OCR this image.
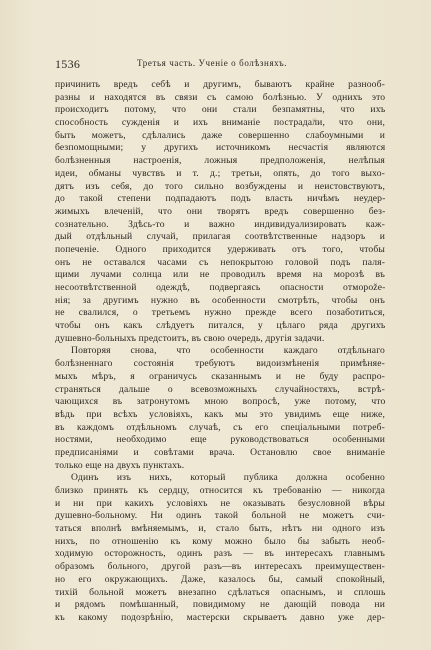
1536	Третья часть. Ученіе о болѣзняхъ.
причинить вредъ себѣ и другимъ, бываютъ крайне разнооб-
разны и находятся въ связи съ самою болѣзнью. У однихъ это
происходитъ потому, что они стали безпамятны, что ихъ
способность сужденія и ихъ вниманіе пострадали, что они,
быть можетъ, сдѣлались даже совершенно слабоумными и
безпомощными; у другихъ источникомъ несчастія являются
болѣзненныя настроенія, ложныя предположенія, нелѣпыя
идеи, обманы чувствъ и т. д.; третьи, опять, до того выхо-
дятъ изъ себя, до того сильно возбуждены и неистовствуютъ,
до такой степени подпадаютъ подъ власть ничѣмъ неудер-
жимыхъ влеченій, что они творятъ вредъ совершенно без-
сознательно. Здѣсь-то и важно индивидуализировать каж-
дый отдѣльный случай, прилагая соотвѣтственные надзоръ и
попеченіе. Одного приходится удерживать отъ того, чтобы
онъ не оставался часами съ непокрытою головой подъ паля-
щими лучами солнца или не проводилъ время на морозѣ въ
несоотвѣтственной одеждѣ, подвергаясь опасности отморože-
нія; за другимъ нужно въ особенности смотрѣть, чтобы онъ
не свалился, о третьемъ нужно прежде всего позаботиться,
чтобы онъ какъ слѣдуетъ питался, у цѣлаго ряда другихъ
душевно-больныхъ предстоитъ, въ свою очередь, другія задачи.
Повторяя снова, что особенности каждаго отдѣльнаго
болѣзненнаго состоянія требуютъ видоизмѣненія примѣняе-
мыхъ мѣръ, я ограничусь сказаннымъ и не буду распро-
страняться дальше о всевозможныхъ случайностяхъ, встрѣ-
чающихся въ затронутомъ мною вопросѣ, уже потому, что
вѣдь при всѣхъ условіяхъ, какъ мы это увидимъ еще ниже,
въ каждомъ отдѣльномъ случаѣ, съ его спеціальными потреб-
ностями, необходимо еще руководствоваться особенными
предписаніями и совѣтами врача. Остановлю свое вниманіе
только еще на двухъ пунктахъ.
Одинъ изъ нихъ, который публика должна особенно
близко принять къ сердцу, относится къ требованію — никогда
и ни при какихъ условіяхъ не оказывать безусловной вѣры
душевно-больному. Ни одинъ такой больной не можетъ счи-
таться вполнѣ вмѣняемымъ, и, стало быть, нѣтъ ни одного изъ
нихъ, по отношенію къ кому можно было бы забыть необ-
ходимую осторожность, одинъ разъ — въ интересахъ главнымъ
образомъ больного, другой разъ—въ интересахъ преимуществен-
но его окружающихъ. Даже, казалось бы, самый спокойный,
тихій больной можетъ внезапно сдѣлаться опаснымъ, и сплошь
и рядомъ помѣшанный, повидимому не дающій повода ни
къ какому подозрѣнію, мастерски скрываетъ давно уже дер-
